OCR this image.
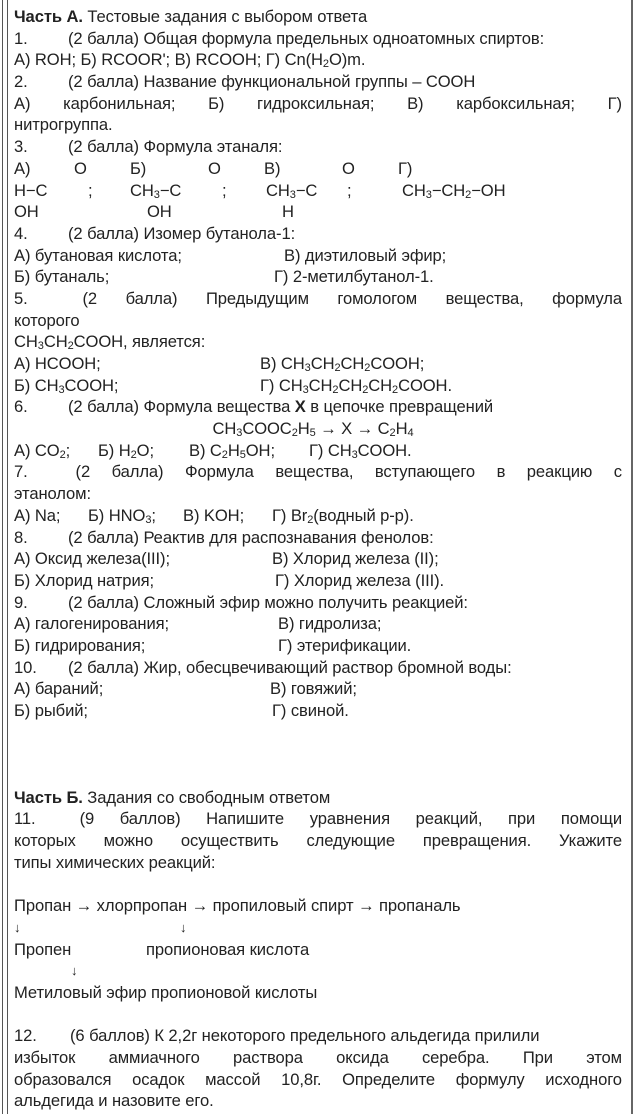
Часть А. Тестовые задания с выбором ответа
1. (2 балла) Общая формула предельных одноатомных спиртов:
А) ROH; Б) RCOOR'; В) RCOOH; Г) $Cn(H_2O)m$.
2. (2 балла) Название функциональной группы – COOH
А) карбонильная; Б) гидроксильная; В) карбоксильная; Г)
нитрогруппа.
3. (2 балла) Формула этаналя:
А)	O	Б)	O	В)	O	Г)
H−C ; $CH_3-C$ ; $CH_3-C$ ;	$CH_3-CH_2-OH$
OH	OH	H
4. (2 балла) Изомер бутанола-1:
А) бутановая кислота;	В) диэтиловый эфир;
Б) бутаналь;	Г) 2-метилбутанол-1.
5.	(2 балла) Предыдущим гомологом вещества, формула
которого
$CH_3CH_2COOH$, является:
А) HCOOH;	В) $CH_3CH_2CH_2COOH$;
Б) $CH_3COOH$;	Г) $CH_3CH_2CH_2CH_2COOH$.
6. (2 балла) Формула вещества X в цепочке превращений
$CH_3COOC_2H_5 \to X \to C_2H_4$
А) $CO_2$; Б) $H_2O$; В) $C_2H_5OH$; Г) $CH_3COOH$.
7.	(2 балла) Формула вещества, вступающего в реакцию с
этанолом:
А) Na; Б) $HNO_3$; В) KOH; Г) $Br_2(водный$ р-р).
8. (2 балла) Реактив для распознавания фенолов:
А) Оксид железа(III);	В) Хлорид железа (II);
Б) Хлорид натрия;	Г) Хлорид железа (III).
9. (2 балла) Сложный эфир можно получить реакцией:
А) галогенирования;	В) гидролиза;
Б) гидрирования;	Г) этерификации.
10. (2 балла) Жир, обесцвечивающий раствор бромной воды:
А) бараний;	В) говяжий;
Б) рыбий;	Г) свиной.
Часть Б. Задания со свободным ответом
11.	(9 баллов) Напишите уравнения реакций, при помощи
которых можно осуществить следующие превращения. Укажите
типы химических реакций:
Пропан → хлорпропан → пропиловый спирт → пропаналь
↓	↓
Пропен	пропионовая кислота
↓
Метиловый эфир пропионовой кислоты
12. (6 баллов) К 2,2г некоторого предельного альдегида прилили
избыток аммиачного раствора оксида серебра. При этом
образовался осадок массой 10,8г. Определите формулу исходного
альдегида и назовите его.
